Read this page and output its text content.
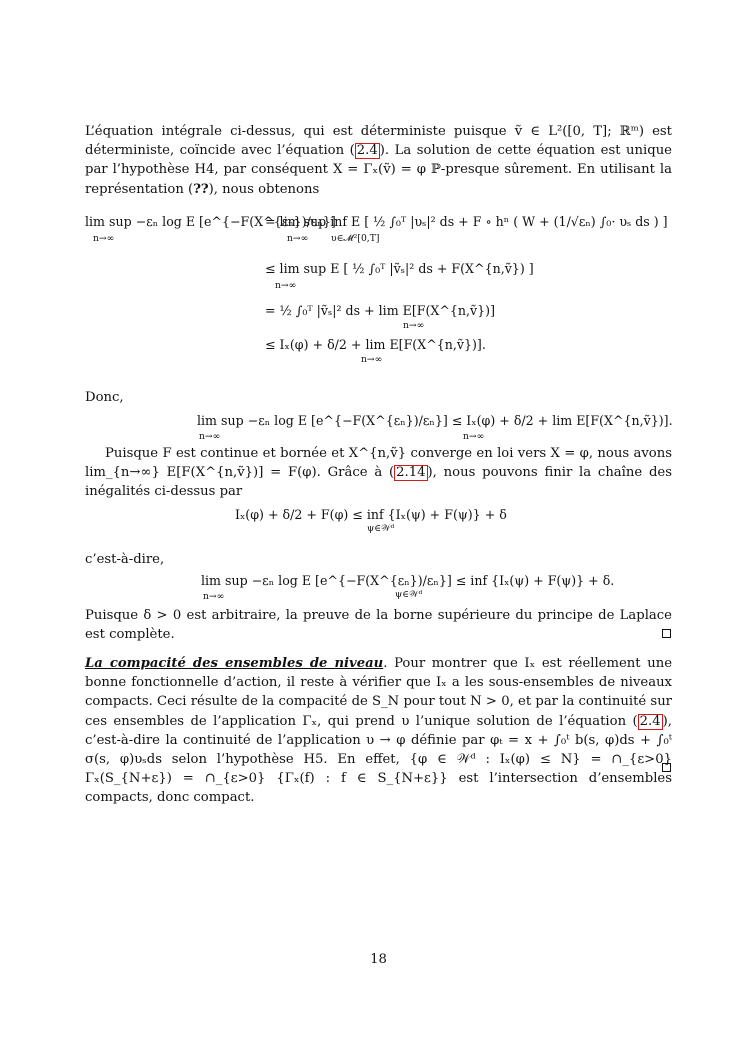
L’équation intégrale ci-dessus, qui est déterministe puisque ṽ ∈ L²([0, T]; ℝᵐ) est déterministe, coïncide avec l’équation ( 2.4 ). La solution de cette équation est unique par l’hypothèse H4, par conséquent X = Γₓ(ṽ) = φ ℙ-presque sûrement. En utilisant la représentation (??), nous obtenons
lim sup −εₙ log E [e^{−F(X^{εₙ})/εₙ}]
n→∞
= lim sup inf E [ ½ ∫₀ᵀ |υₛ|² ds + F ∘ hⁿ ( W + (1/√εₙ) ∫₀· υₛ ds ) ]
n→∞ υ∈𝓜²[0,T]
≤ lim sup E [ ½ ∫₀ᵀ |ṽₛ|² ds + F(X^{n,ṽ}) ]
n→∞
= ½ ∫₀ᵀ |ṽₛ|² ds + lim E[F(X^{n,ṽ})]
n→∞
≤ Iₓ(φ) + δ/2 + lim E[F(X^{n,ṽ})].
n→∞
Donc,
lim sup −εₙ log E [e^{−F(X^{εₙ})/εₙ}] ≤ Iₓ(φ) + δ/2 + lim E[F(X^{n,ṽ})].
n→∞	n→∞
Puisque F est continue et bornée et X^{n,ṽ} converge en loi vers X = φ, nous avons lim_{n→∞} E[F(X^{n,ṽ})] = F(φ). Grâce à ( 2.14 ), nous pouvons finir la chaîne des inégalités ci-dessus par
Iₓ(φ) + δ/2 + F(φ) ≤ inf {Iₓ(ψ) + F(ψ)} + δ
ψ∈𝒲ᵈ
c’est-à-dire,
lim sup −εₙ log E [e^{−F(X^{εₙ})/εₙ}] ≤ inf {Iₓ(ψ) + F(ψ)} + δ.
n→∞	ψ∈𝒲ᵈ
Puisque δ > 0 est arbitraire, la preuve de la borne supérieure du principe de Laplace est complète.
La compacité des ensembles de niveau. Pour montrer que Iₓ est réellement une bonne fonctionnelle d’action, il reste à vérifier que Iₓ a les sous-ensembles de niveaux compacts. Ceci résulte de la compacité de S_N pour tout N > 0, et par la continuité sur ces ensembles de l’application Γₓ, qui prend υ l’unique solution de l’équation ( 2.4 ), c’est-à-dire la continuité de l’application υ → φ définie par φₜ = x + ∫₀ᵗ b(s, φ)ds + ∫₀ᵗ σ(s, φ)υₛds selon l’hypothèse H5. En effet, {φ ∈ 𝒲ᵈ : Iₓ(φ) ≤ N} = ∩_{ε>0} Γₓ(S_{N+ε}) = ∩_{ε>0} {Γₓ(f) : f ∈ S_{N+ε}} est l’intersection d’ensembles compacts, donc compact.
18
